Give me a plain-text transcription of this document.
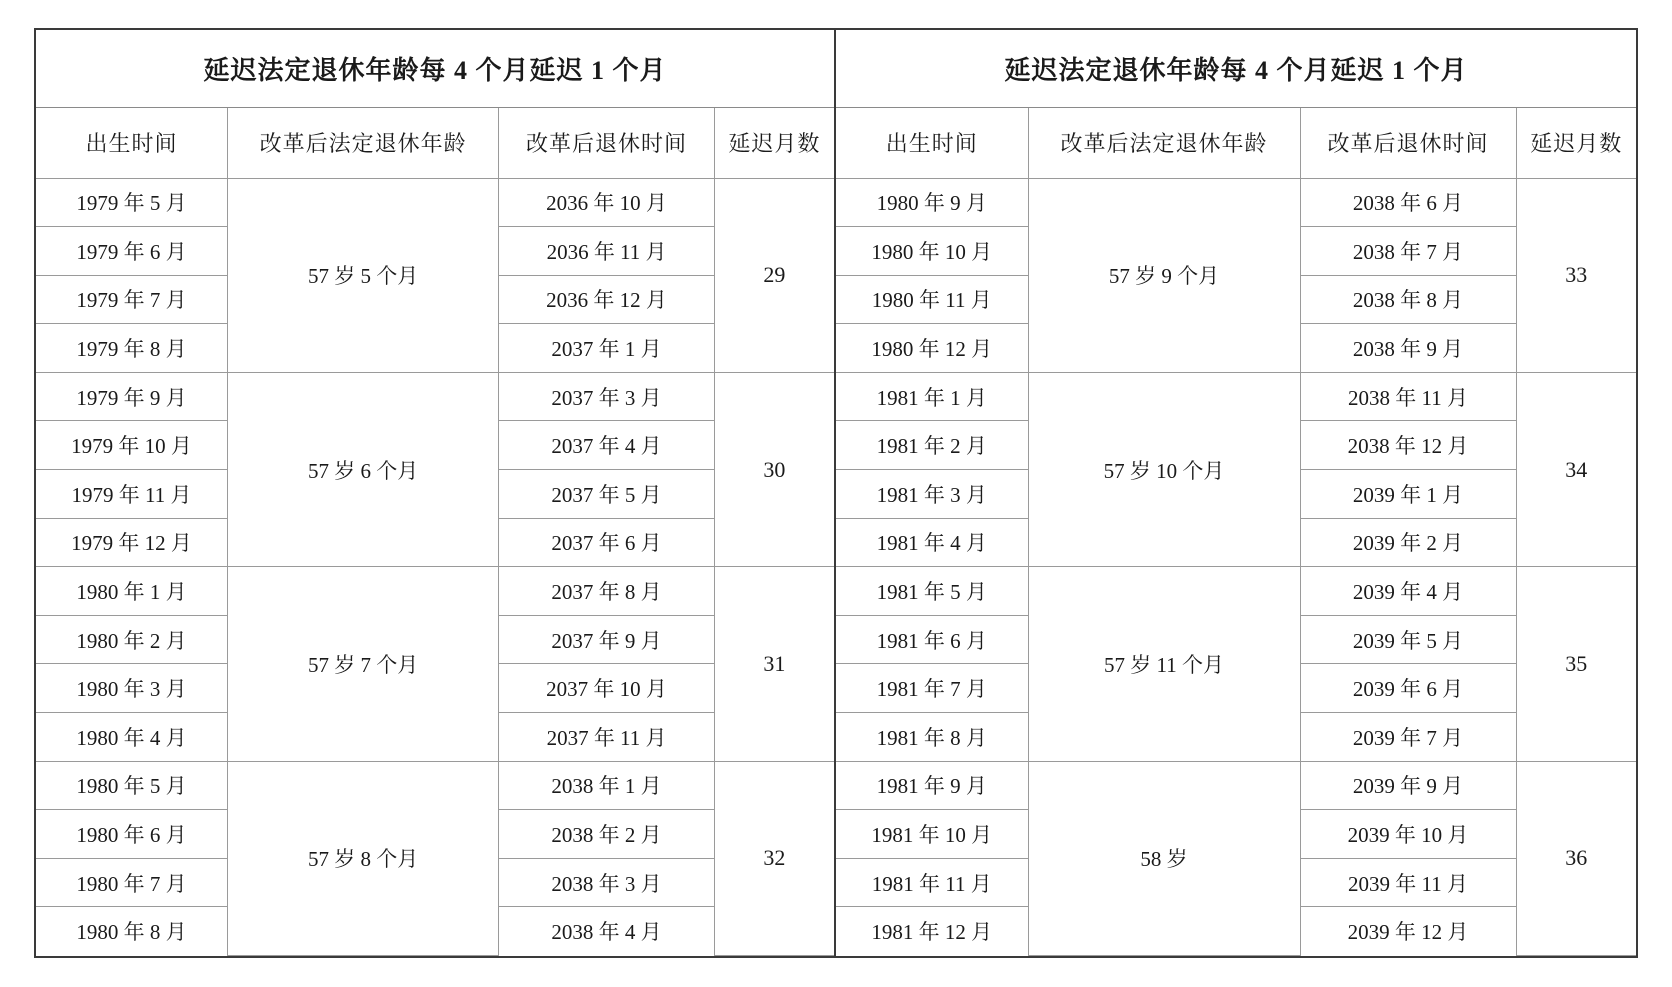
延迟法定退休年龄每 4 个月延迟 1 个月
出生时间	改革后法定退休年龄	改革后退休时间	延迟月数
1979 年 5 月	57 岁 5 个月	2036 年 10 月	29
1979 年 6 月		2036 年 11 月	
1979 年 7 月		2036 年 12 月	
1979 年 8 月		2037 年 1 月	
1979 年 9 月	57 岁 6 个月	2037 年 3 月	30
1979 年 10 月		2037 年 4 月	
1979 年 11 月		2037 年 5 月	
1979 年 12 月		2037 年 6 月	
1980 年 1 月	57 岁 7 个月	2037 年 8 月	31
1980 年 2 月		2037 年 9 月	
1980 年 3 月		2037 年 10 月	
1980 年 4 月		2037 年 11 月	
1980 年 5 月	57 岁 8 个月	2038 年 1 月	32
1980 年 6 月		2038 年 2 月	
1980 年 7 月		2038 年 3 月	
1980 年 8 月		2038 年 4 月	
延迟法定退休年龄每 4 个月延迟 1 个月
出生时间	改革后法定退休年龄	改革后退休时间	延迟月数
1980 年 9 月	57 岁 9 个月	2038 年 6 月	33
1980 年 10 月		2038 年 7 月	
1980 年 11 月		2038 年 8 月	
1980 年 12 月		2038 年 9 月	
1981 年 1 月	57 岁 10 个月	2038 年 11 月	34
1981 年 2 月		2038 年 12 月	
1981 年 3 月		2039 年 1 月	
1981 年 4 月		2039 年 2 月	
1981 年 5 月	57 岁 11 个月	2039 年 4 月	35
1981 年 6 月		2039 年 5 月	
1981 年 7 月		2039 年 6 月	
1981 年 8 月		2039 年 7 月	
1981 年 9 月	58 岁	2039 年 9 月	36
1981 年 10 月		2039 年 10 月	
1981 年 11 月		2039 年 11 月	
1981 年 12 月		2039 年 12 月	
